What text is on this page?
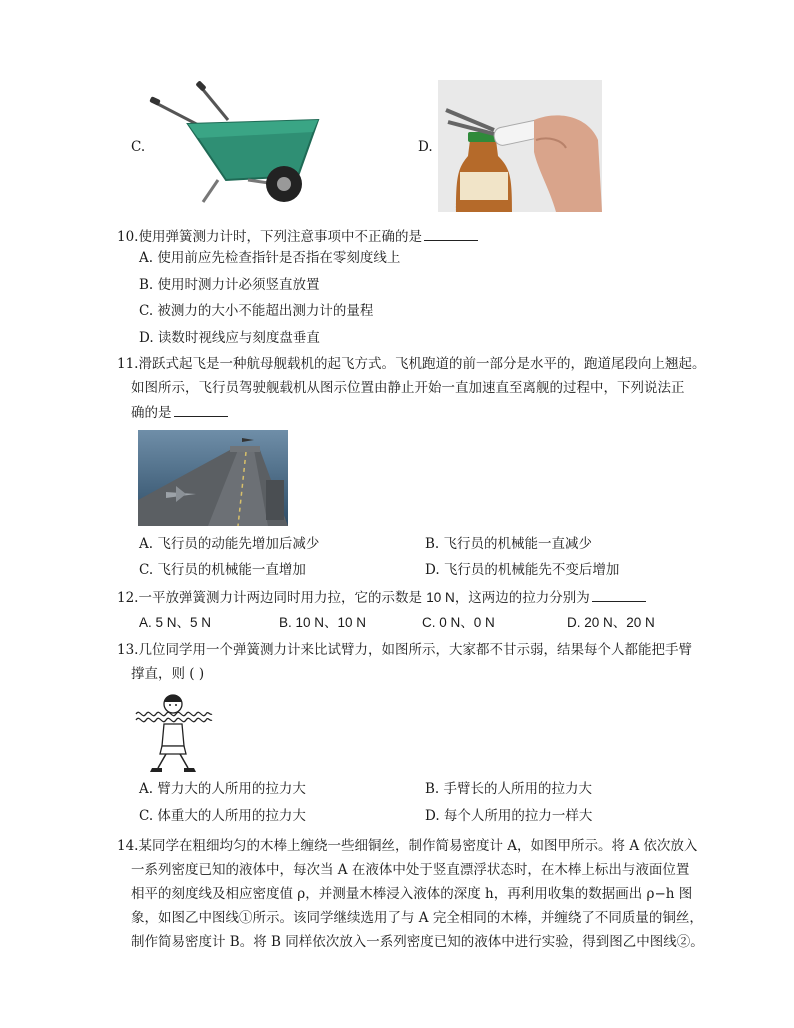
C.	D.
10.使用弹簧测力计时，下列注意事项中不正确的是
A. 使用前应先检查指针是否指在零刻度线上
B. 使用时测力计必须竖直放置
C. 被测力的大小不能超出测力计的量程
D. 读数时视线应与刻度盘垂直
11.滑跃式起飞是一种航母舰载机的起飞方式。飞机跑道的前一部分是水平的，跑道尾段向上翘起。
如图所示，飞行员驾驶舰载机从图示位置由静止开始一直加速直至离舰的过程中，下列说法正
确的是
A. 飞行员的动能先增加后减少	B. 飞行员的机械能一直减少
C. 飞行员的机械能一直增加	D. 飞行员的机械能先不变后增加
12.一平放弹簧测力计两边同时用力拉，它的示数是 10 N，这两边的拉力分别为
A. 5 N、5 N	B. 10 N、10 N	C. 0 N、0 N	D. 20 N、20 N
13.几位同学用一个弹簧测力计来比试臂力，如图所示，大家都不甘示弱，结果每个人都能把手臂
撑直，则 ( )
A. 臂力大的人所用的拉力大	B. 手臂长的人所用的拉力大
C. 体重大的人所用的拉力大	D. 每个人所用的拉力一样大
14.某同学在粗细均匀的木棒上缠绕一些细铜丝，制作简易密度计 A，如图甲所示。将 A 依次放入
一系列密度已知的液体中，每次当 A 在液体中处于竖直漂浮状态时，在木棒上标出与液面位置
相平的刻度线及相应密度值 ρ，并测量木棒浸入液体的深度 h，再利用收集的数据画出 ρ−h 图
象，如图乙中图线①所示。该同学继续选用了与 A 完全相同的木棒，并缠绕了不同质量的铜丝，
制作简易密度计 B。将 B 同样依次放入一系列密度已知的液体中进行实验，得到图乙中图线②。
